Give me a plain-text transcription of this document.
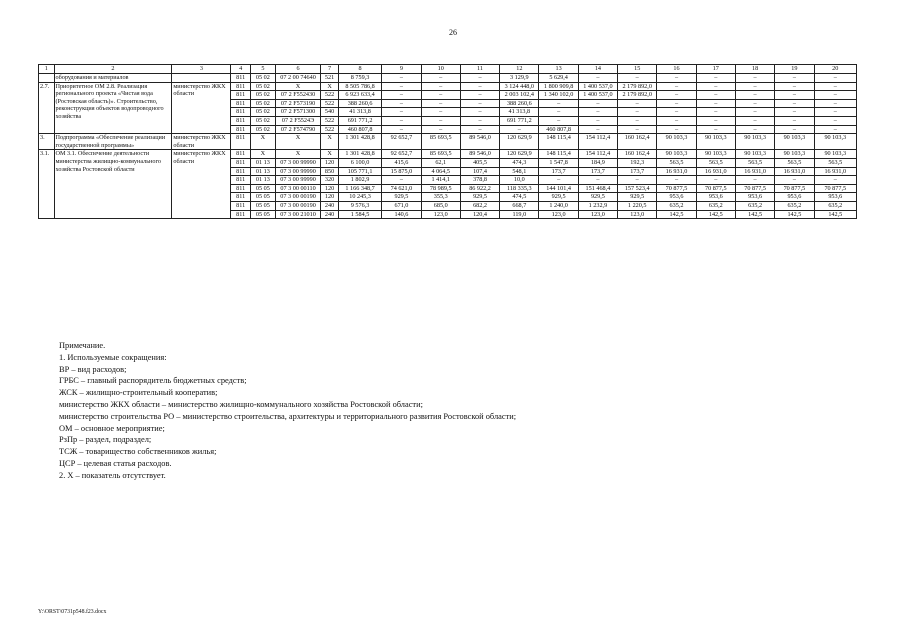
26
1	2	3	4	5	6	7	8	9	10	11	12	13	14	15	16	17	18	19	20
	оборудования и материалов		811	05 02	07 2 00 74640	521	8 759,3	–	–	–	3 129,9	5 629,4	–	–	–	–	–	–	–
2.7.	Приоритетное ОМ 2.8. Реализация регионального проекта «Чистая вода (Ростовская область)». Строительство, реконструкция объектов водопроводного хозяйства	министерство ЖКХ области	811	05 02	X	X	8 505 786,8	–	–	–	3 124 448,0	1 800 909,8	1 400 537,0	2 179 892,0	–	–	–	–	–
			811	05 02	07 2 F552430	522	6 923 633,4	–	–	–	2 003 102,4	1 340 102,0	1 400 537,0	2 179 892,0	–	–	–	–	–
			811	05 02	07 2 F573190	522	388 260,6	–	–	–	388 260,6	–	–	–	–	–	–	–	–
			811	05 02	07 2 F571300	540	41 313,8	–	–	–	41 313,8	–	–	–	–	–	–	–	–
			811	05 02	07 2 F5524Э	522	691 771,2	–	–	–	691 771,2	–	–	–	–	–	–	–	–
			811	05 02	07 2 F574790	522	460 807,8	–	–	–	–	460 807,8	–	–	–	–	–	–	–
3.	Подпрограмма «Обеспечение реализации государственной программы»	министерство ЖКХ области	811	X	X	X	1 301 428,8	92 652,7	85 693,5	89 546,0	120 629,9	148 115,4	154 112,4	160 162,4	90 103,3	90 103,3	90 103,3	90 103,3	90 103,3
3.1.	ОМ 3.1. Обеспечение деятельности министерства жилищно-коммунального хозяйства Ростовской области	министерство ЖКХ области	811	X	X	X	1 301 428,8	92 652,7	85 693,5	89 546,0	120 629,9	148 115,4	154 112,4	160 162,4	90 103,3	90 103,3	90 103,3	90 103,3	90 103,3
			811	01 13	07 3 00 99990	120	6 100,0	415,6	62,1	405,5	474,3	1 547,8	184,9	192,3	563,5	563,5	563,5	563,5	563,5
			811	01 13	07 3 00 99990	850	105 771,1	15 875,0	4 064,5	107,4	548,1	173,7	173,7	173,7	16 931,0	16 931,0	16 931,0	16 931,0	16 931,0
			811	01 13	07 3 00 99990	320	1 802,9	–	1 414,1	378,8	10,0	–	–	–	–	–	–	–	–
			811	05 05	07 3 00 00110	120	1 166 348,7	74 621,0	78 989,5	86 922,2	118 335,3	144 101,4	151 468,4	157 523,4	70 877,5	70 877,5	70 877,5	70 877,5	70 877,5
			811	05 05	07 3 00 00190	120	10 245,3	929,5	355,3	929,5	474,5	929,5	929,5	929,5	953,6	953,6	953,6	953,6	953,6
			811	05 05	07 3 00 00190	240	9 576,3	671,0	685,0	682,2	668,7	1 240,0	1 232,9	1 220,5	635,2	635,2	635,2	635,2	635,2
			811	05 05	07 3 00 21010	240	1 584,5	140,6	123,0	120,4	119,0	123,0	123,0	123,0	142,5	142,5	142,5	142,5	142,5
Примечание.
1. Используемые сокращения:
ВР – вид расходов;
ГРБС – главный распорядитель бюджетных средств;
ЖСК – жилищно-строительный кооператив;
министерство ЖКХ области – министерство жилищно-коммунального хозяйства Ростовской области;
министерство строительства РО – министерство строительства, архитектуры и территориального развития Ростовской области;
ОМ – основное мероприятие;
РзПр – раздел, подраздел;
ТСЖ – товарищество собственников жилья;
ЦСР – целевая статья расходов.
2. Х – показатель отсутствует.
Y:\ORST\0731p548.f23.docx
